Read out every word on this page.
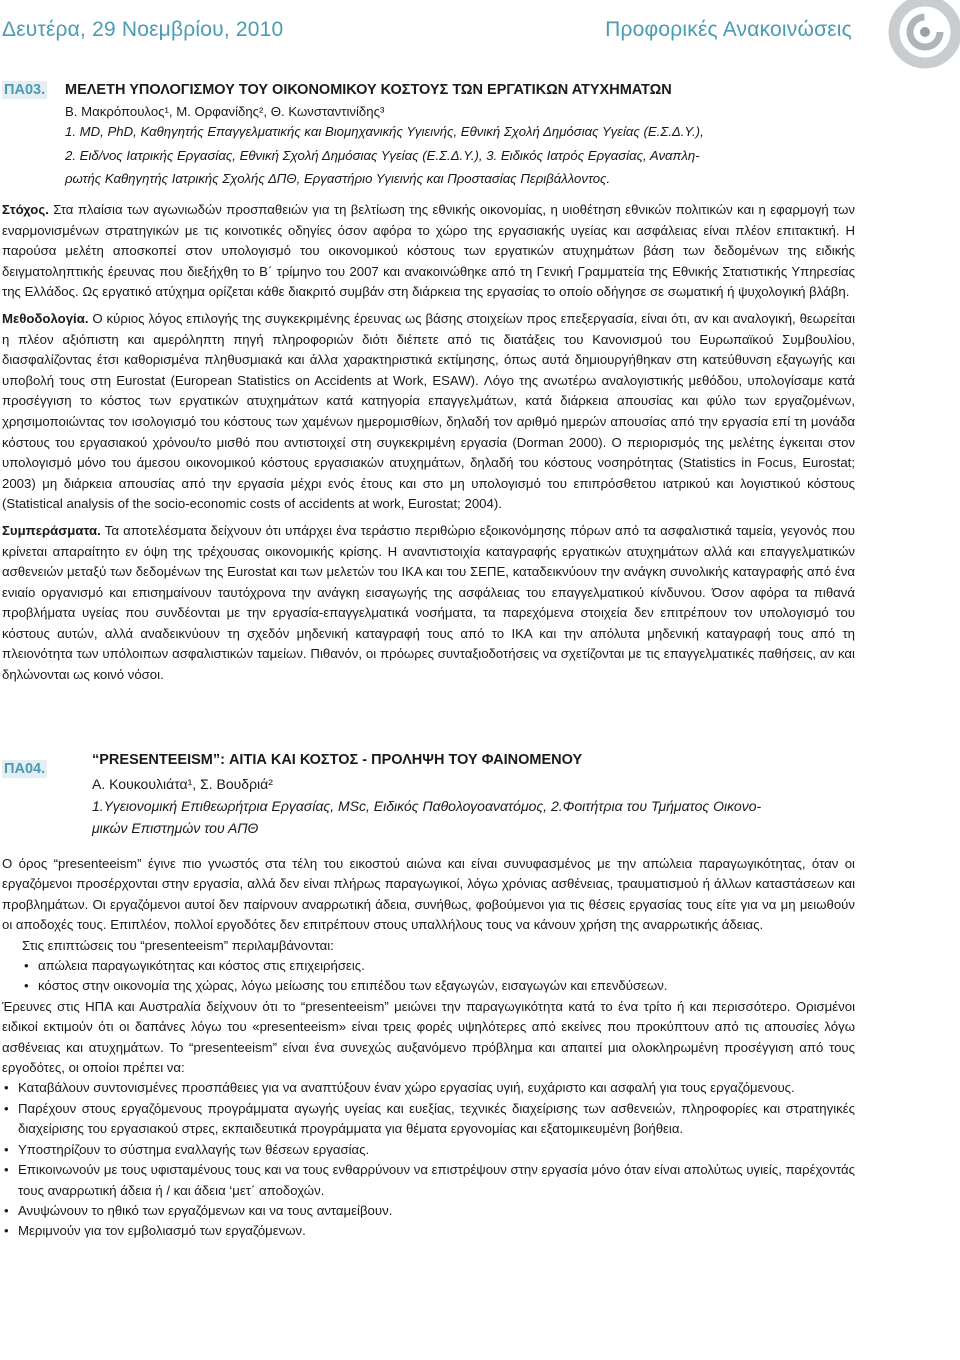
Δευτέρα, 29 Νοεμβρίου, 2010	Προφορικές Ανακοινώσεις
ΠΑ03. ΜΕΛΕΤΗ ΥΠΟΛΟΓΙΣΜΟΥ ΤΟΥ ΟΙΚΟΝΟΜΙΚΟΥ ΚΟΣΤΟΥΣ ΤΩΝ ΕΡΓΑΤΙΚΩΝ ΑΤΥΧΗΜΑΤΩΝ
Β. Μακρόπουλος¹, Μ. Ορφανίδης², Θ. Κωνσταντινίδης³
1. MD, PhD, Καθηγητής Επαγγελματικής και Βιομηχανικής Υγιεινής, Εθνική Σχολή Δημόσιας Υγείας (Ε.Σ.Δ.Υ.),
2. Ειδ/νος Ιατρικής Εργασίας, Εθνική Σχολή Δημόσιας Υγείας (Ε.Σ.Δ.Υ.), 3. Ειδικός Ιατρός Εργασίας, Αναπλη-
ρωτής Καθηγητής Ιατρικής Σχολής ΔΠΘ, Εργαστήριο Υγιεινής και Προστασίας Περιβάλλοντος.

Στόχος. Στα πλαίσια των αγωνιωδών προσπαθειών για τη βελτίωση της εθνικής οικονομίας, η υιοθέτηση εθνικών πολιτικών και η εφαρμογή των εναρμονισμένων στρατηγικών με τις κοινοτικές οδηγίες όσον αφόρα το χώρο της εργασιακής υγείας και ασφάλειας είναι πλέον επιτακτική. Η παρούσα μελέτη αποσκοπεί στον υπολογισμό του οικονομικού κόστους των εργατικών ατυχημάτων βάση των δεδομένων της ειδικής δειγματοληπτικής έρευνας που διεξήχθη το Β΄ τρίμηνο του 2007 και ανακοινώθηκε από τη Γενική Γραμματεία της Εθνικής Στατιστικής Υπηρεσίας της Ελλάδος. Ως εργατικό ατύχημα ορίζεται κάθε διακριτό συμβάν στη διάρκεια της εργασίας το οποίο οδήγησε σε σωματική ή ψυχολογική βλάβη.

Μεθοδολογία. Ο κύριος λόγος επιλογής της συγκεκριμένης έρευνας ως βάσης στοιχείων προς επεξεργασία, είναι ότι, αν και αναλογική, θεωρείται η πλέον αξιόπιστη και αμερόληπτη πηγή πληροφοριών διότι διέπετε από τις διατάξεις του Κανονισμού του Ευρωπαϊκού Συμβουλίου, διασφαλίζοντας έτσι καθορισμένα πληθυσμιακά και άλλα χαρακτηριστικά εκτίμησης, όπως αυτά δημιουργήθηκαν στη κατεύθυνση εξαγωγής και υποβολή τους στη Eurostat (European Statistics on Accidents at Work, ESAW). Λόγο της ανωτέρω αναλογιστικής μεθόδου, υπολογίσαμε κατά προσέγγιση το κόστος των εργατικών ατυχημάτων κατά κατηγορία επαγγελμάτων, κατά διάρκεια απουσίας και φύλο των εργαζομένων, χρησιμοποιώντας τον ισολογισμό του κόστους των χαμένων ημερομισθίων, δηλαδή τον αριθμό ημερών απουσίας από την εργασία επί τη μονάδα κόστους του εργασιακού χρόνου/το μισθό που αντιστοιχεί στη συγκεκριμένη εργασία (Dorman 2000). Ο περιορισμός της μελέτης έγκειται στον υπολογισμό μόνο του άμεσου οικονομικού κόστους εργασιακών ατυχημάτων, δηλαδή του κόστους νοσηρότητας (Statistics in Focus, Eurostat; 2003) μη διάρκεια απουσίας από την εργασία μέχρι ενός έτους και στο μη υπολογισμό του επιπρόσθετου ιατρικού και λογιστικού κόστους (Statistical analysis of the socio-economic costs of accidents at work, Eurostat; 2004).

Συμπεράσματα. Τα αποτελέσματα δείχνουν ότι υπάρχει ένα τεράστιο περιθώριο εξοικονόμησης πόρων από τα ασφαλιστικά ταμεία, γεγονός που κρίνεται απαραίτητο εν όψη της τρέχουσας οικονομικής κρίσης. Η αναντιστοιχία καταγραφής εργατικών ατυχημάτων αλλά και επαγγελματικών ασθενειών μεταξύ των δεδομένων της Eurostat και των μελετών του ΙΚΑ και του ΣΕΠΕ, καταδεικνύουν την ανάγκη συνολικής καταγραφής από ένα ενιαίο οργανισμό και επισημαίνουν ταυτόχρονα την ανάγκη εισαγωγής της ασφάλειας του επαγγελματικού κίνδυνου. Όσον αφόρα τα πιθανά προβλήματα υγείας που συνδέονται με την εργασία-επαγγελματικά νοσήματα, τα παρεχόμενα στοιχεία δεν επιτρέπουν τον υπολογισμό του κόστους αυτών, αλλά αναδεικνύουν τη σχεδόν μηδενική καταγραφή τους από το ΙΚΑ και την απόλυτα μηδενική καταγραφή τους από τη πλειονότητα των υπόλοιπων ασφαλιστικών ταμείων. Πιθανόν, οι πρόωρες συνταξιοδοτήσεις να σχετίζονται με τις επαγγελματικές παθήσεις, αν και δηλώνονται ως κοινό νόσοι.

ΠΑ04.
“PRESENTEEISM”: ΑΙΤΙΑ ΚΑΙ ΚΟΣΤΟΣ - ΠΡΟΛΗΨΗ ΤΟΥ ΦΑΙΝΟΜΕΝΟΥ
Α. Κουκουλιάτα¹, Σ. Βουδριά²
1.Υγειονομική Επιθεωρήτρια Εργασίας, MSc, Ειδικός Παθολογοανατόμος, 2.Φοιτήτρια του Τμήματος Οικονο-
μικών Επιστημών του ΑΠΘ

Ο όρος “presenteeism” έγινε πιο γνωστός στα τέλη του εικοστού αιώνα και είναι συνυφασμένος με την απώλεια παραγωγικότητας, όταν οι εργαζόμενοι προσέρχονται στην εργασία, αλλά δεν είναι πλήρως παραγωγικοί, λόγω χρόνιας ασθένειας, τραυματισμού ή άλλων καταστάσεων και προβλημάτων. Οι εργαζόμενοι αυτοί δεν παίρνουν αναρρωτική άδεια, συνήθως, φοβούμενοι για τις θέσεις εργασίας τους είτε για να μη μειωθούν οι αποδοχές τους. Επιπλέον, πολλοί εργοδότες δεν επιτρέπουν στους υπαλλήλους τους να κάνουν χρήση της αναρρωτικής άδειας.

Στις επιπτώσεις του “presenteeism” περιλαμβάνονται:

• απώλεια παραγωγικότητας και κόστος στις επιχειρήσεις.
• κόστος στην οικονομία της χώρας, λόγω μείωσης του επιπέδου των εξαγωγών, εισαγωγών και επενδύσεων.

Έρευνες στις ΗΠΑ και Αυστραλία δείχνουν ότι το “presenteeism” μειώνει την παραγωγικότητα κατά το ένα τρίτο ή και περισσότερο. Ορισμένοι ειδικοί εκτιμούν ότι οι δαπάνες λόγω του «presenteeism» είναι τρεις φορές υψηλότερες από εκείνες που προκύπτουν από τις απουσίες λόγω ασθένειας και ατυχημάτων. Το “presenteeism” είναι ένα συνεχώς αυξανόμενο πρόβλημα και απαιτεί μια ολοκληρωμένη προσέγγιση από τους εργοδότες, οι οποίοι πρέπει να:

• Καταβάλουν συντονισμένες προσπάθειες για να αναπτύξουν έναν χώρο εργασίας υγιή, ευχάριστο και ασφαλή για τους εργαζόμενους.
• Παρέχουν στους εργαζόμενους προγράμματα αγωγής υγείας και ευεξίας, τεχνικές διαχείρισης των ασθενειών, πληροφορίες και στρατηγικές διαχείρισης του εργασιακού στρες, εκπαιδευτικά προγράμματα για θέματα εργονομίας και εξατομικευμένη βοήθεια.
• Υποστηρίζουν το σύστημα εναλλαγής των θέσεων εργασίας.
• Επικοινωνούν με τους υφισταμένους τους και να τους ενθαρρύνουν να επιστρέψουν στην εργασία μόνο όταν είναι απολύτως υγιείς, παρέχοντάς τους αναρρωτική άδεια ή / και άδεια ‘μετ΄ αποδοχών.
• Ανυψώνουν το ηθικό των εργαζόμενων και να τους ανταμείβουν.
• Μεριμνούν για τον εμβολιασμό των εργαζόμενων.
